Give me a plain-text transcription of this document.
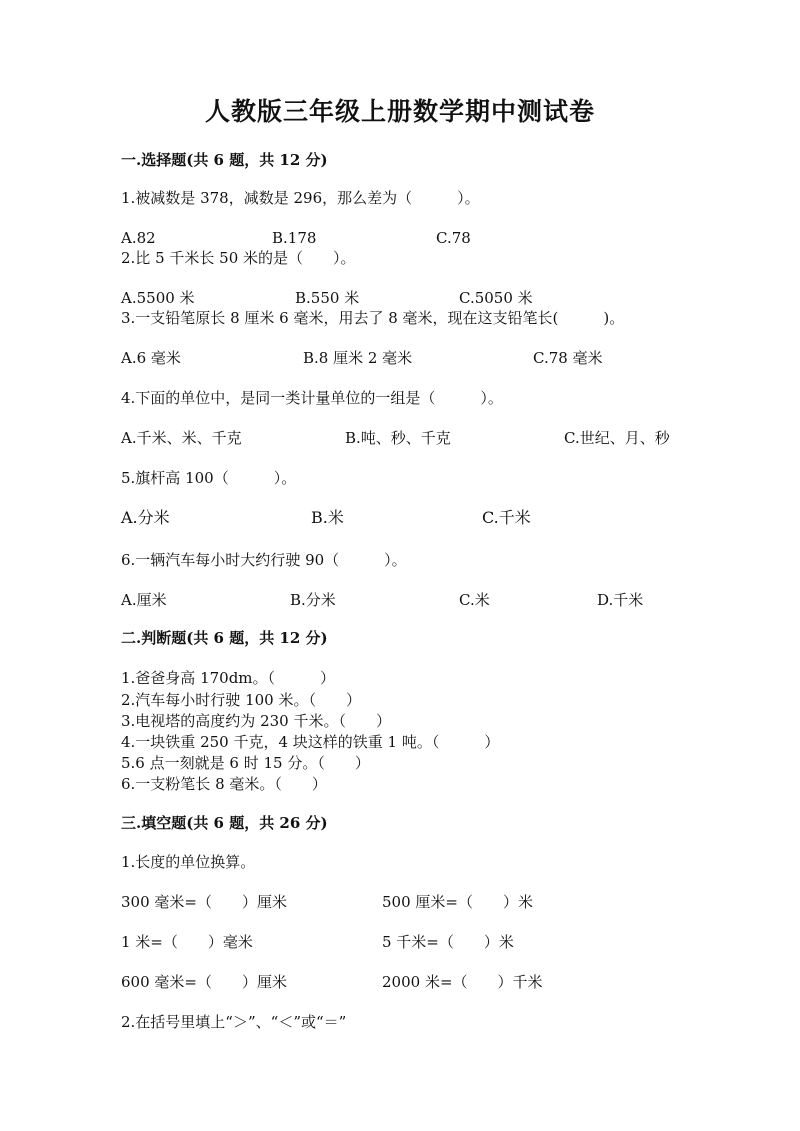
人教版三年级上册数学期中测试卷
一.选择题(共 6 题，共 12 分)
1.被减数是 378，减数是 296，那么差为（　　　）。
A.82	B.178	C.78
2.比 5 千米长 50 米的是（　　）。
A.5500 米	B.550 米	C.5050 米
3.一支铅笔原长 8 厘米 6 毫米，用去了 8 毫米，现在这支铅笔长(　　　)。
A.6 毫米	B.8 厘米 2 毫米	C.78 毫米
4.下面的单位中，是同一类计量单位的一组是（　　　）。
A.千米、米、千克	B.吨、秒、千克	C.世纪、月、秒
5.旗杆高 100（　　　）。
A.分米	B.米	C.千米
6.一辆汽车每小时大约行驶 90（　　　）。
A.厘米	B.分米	C.米	D.千米
二.判断题(共 6 题，共 12 分)
1.爸爸身高 170dm。（　　　）
2.汽车每小时行驶 100 米。（　　）
3.电视塔的高度约为 230 千米。（　　）
4.一块铁重 250 千克，4 块这样的铁重 1 吨。（　　　）
5.6 点一刻就是 6 时 15 分。（　　）
6.一支粉笔长 8 毫米。（　　）
三.填空题(共 6 题，共 26 分)
1.长度的单位换算。
300 毫米=（　　）厘米	500 厘米=（　　）米
1 米=（　　）毫米	5 千米=（　　）米
600 毫米=（　　）厘米	2000 米=（　　）千米
2.在括号里填上“＞”、“＜”或“＝”
